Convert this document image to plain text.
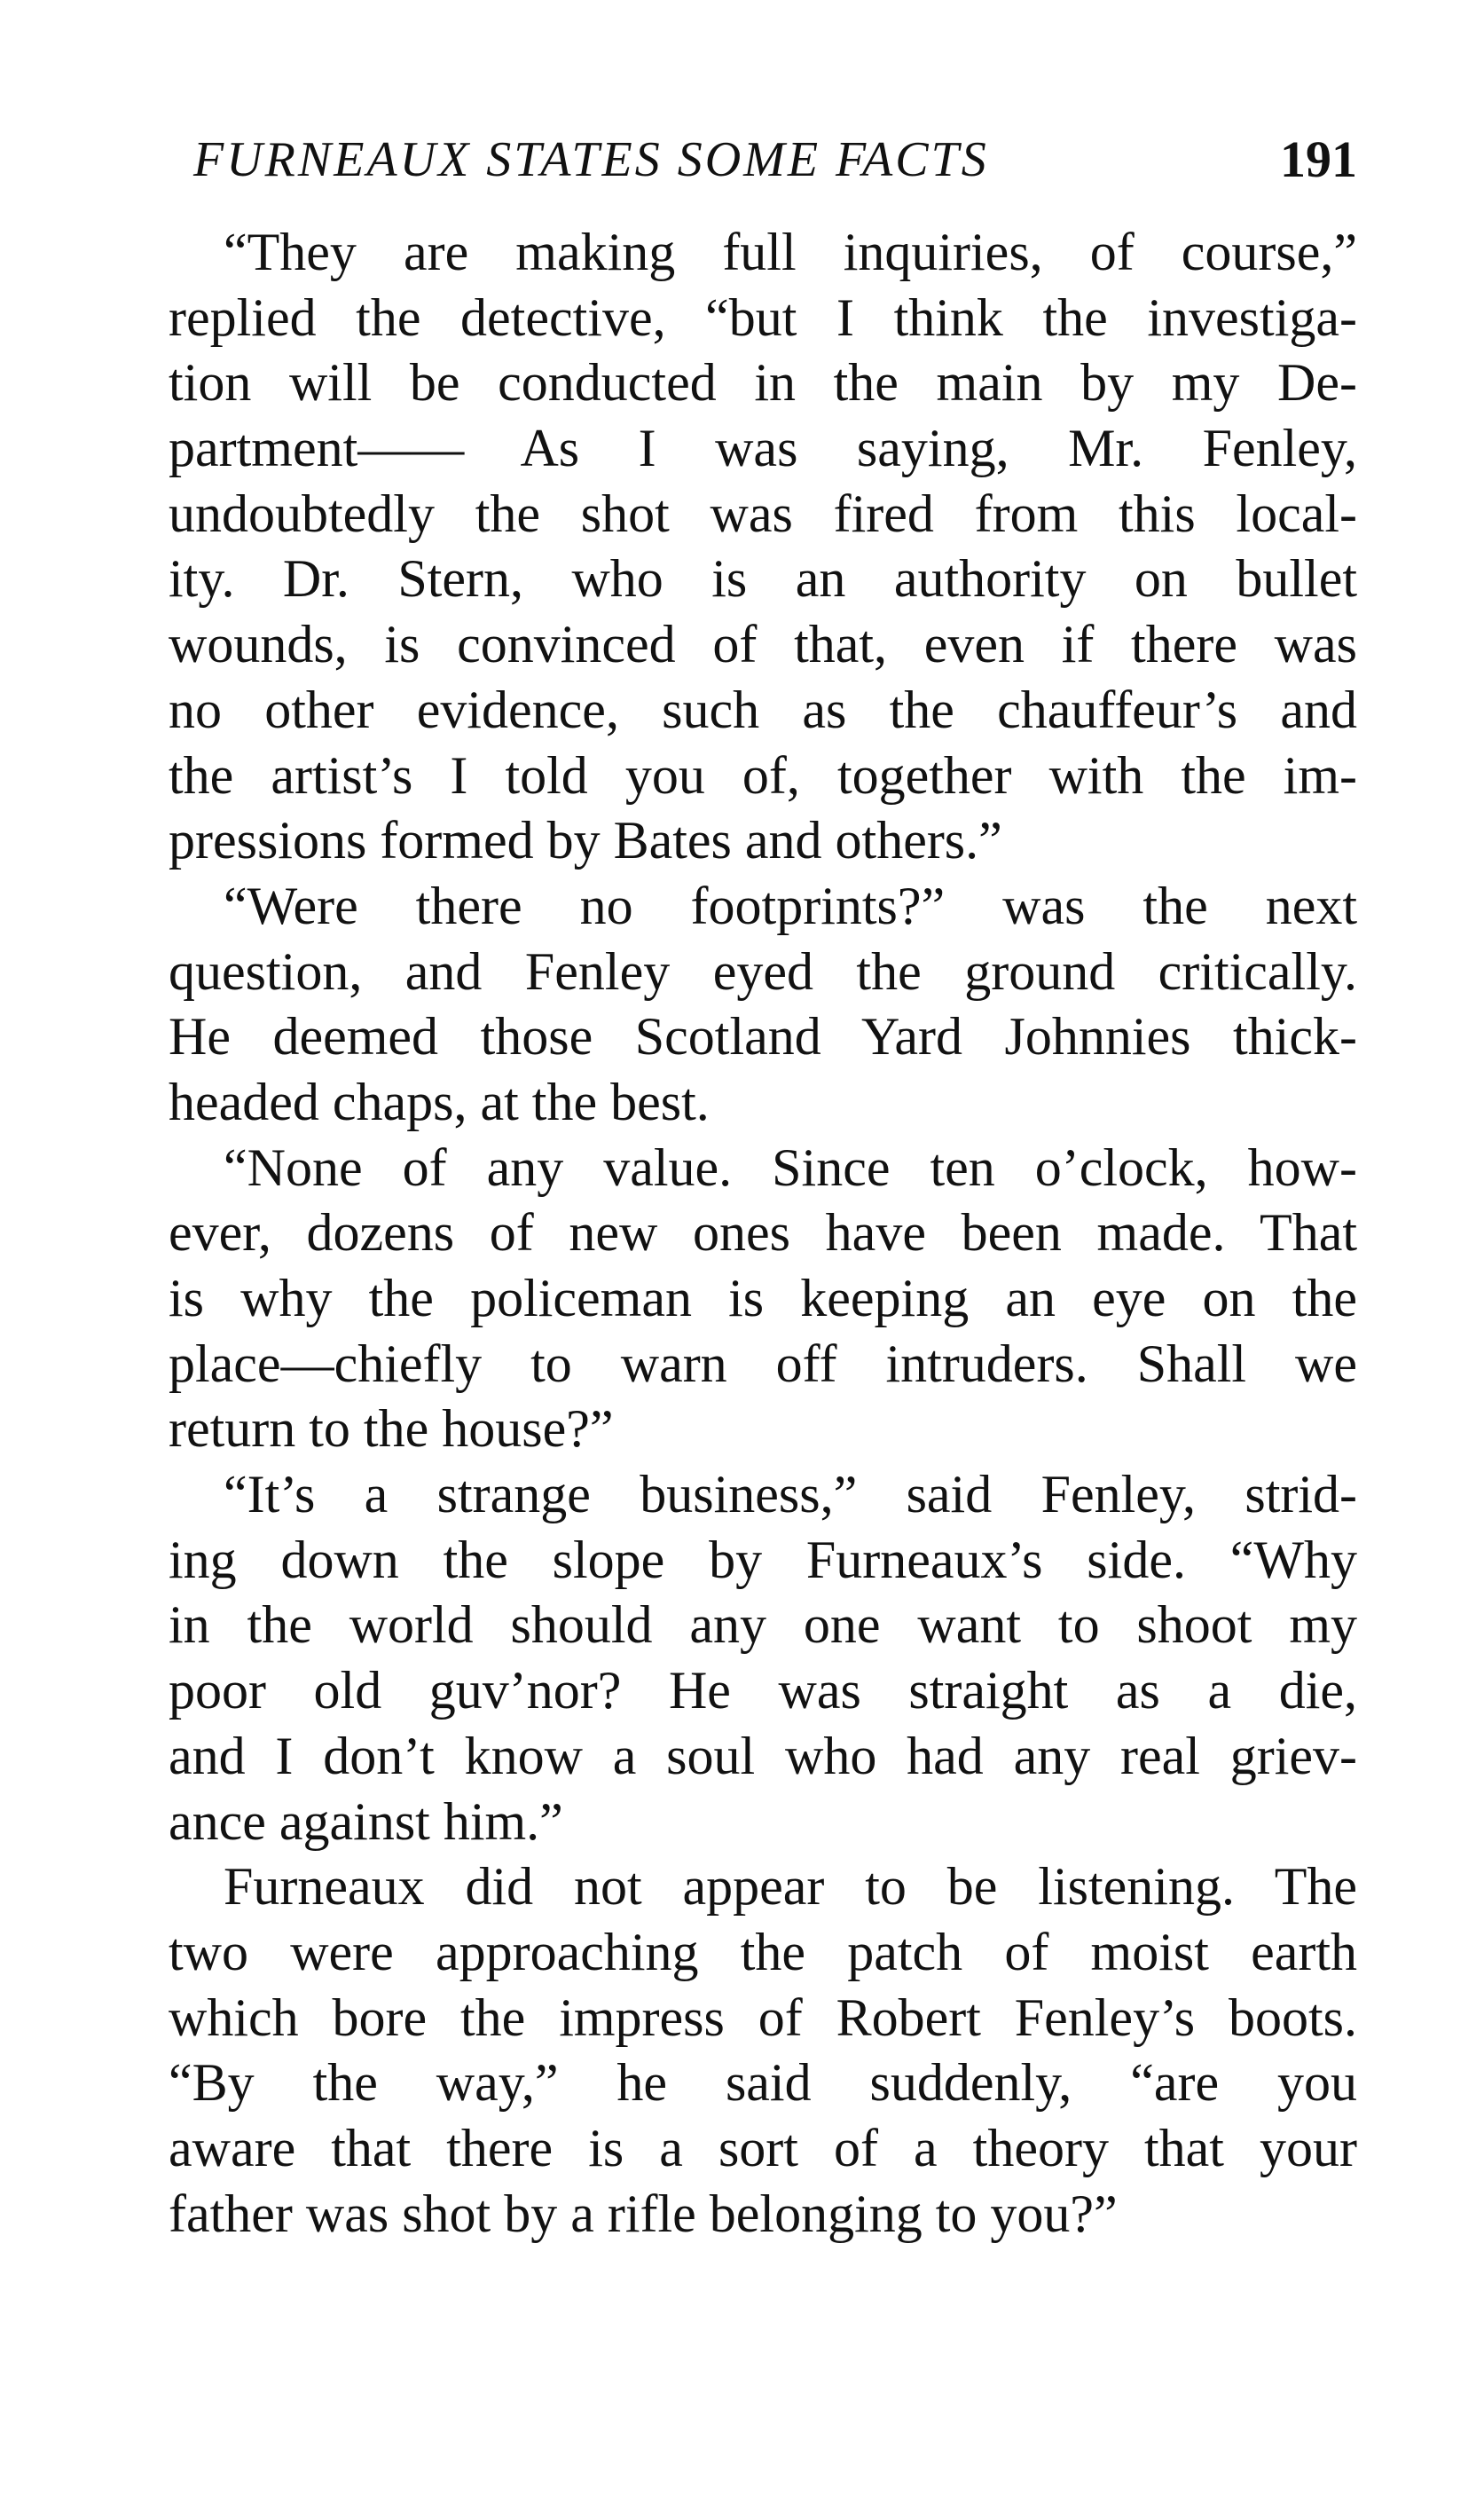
FURNEAUX STATES SOME FACTS	191
“They are making full inquiries, of course,”
replied the detective, “but I think the investiga-
tion will be conducted in the main by my De-
partment—— As I was saying, Mr. Fenley,
undoubtedly the shot was fired from this local-
ity. Dr. Stern, who is an authority on bullet
wounds, is convinced of that, even if there was
no other evidence, such as the chauffeur’s and
the artist’s I told you of, together with the im-
pressions formed by Bates and others.”
“Were there no footprints?” was the next
question, and Fenley eyed the ground critically.
He deemed those Scotland Yard Johnnies thick-
headed chaps, at the best.
“None of any value. Since ten o’clock, how-
ever, dozens of new ones have been made. That
is why the policeman is keeping an eye on the
place—chiefly to warn off intruders. Shall we
return to the house?”
“It’s a strange business,” said Fenley, strid-
ing down the slope by Furneaux’s side. “Why
in the world should any one want to shoot my
poor old guv’nor? He was straight as a die,
and I don’t know a soul who had any real griev-
ance against him.”
Furneaux did not appear to be listening. The
two were approaching the patch of moist earth
which bore the impress of Robert Fenley’s boots.
“By the way,” he said suddenly, “are you
aware that there is a sort of a theory that your
father was shot by a rifle belonging to you?”
